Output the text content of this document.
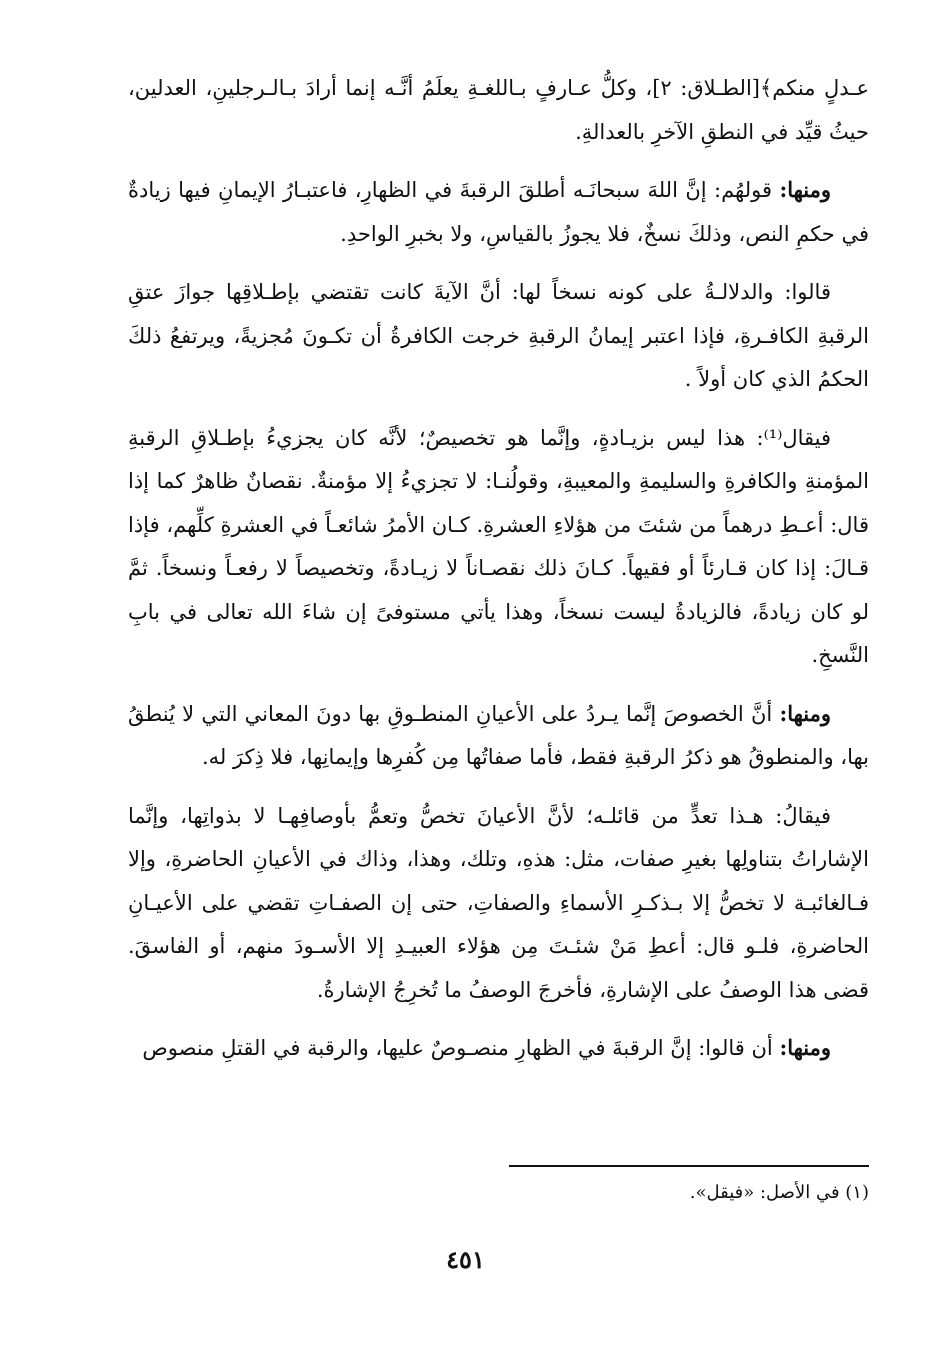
عـدلٍ منكم﴾[الطـلاق: ٢]، وكلُّ عـارفٍ بـاللغـةِ يعلَمُ أنَّـه إنما أرادَ بـالـرجلينِ، العدلين، حيثُ قيِّد في النطقِ الآخرِ بالعدالةِ.

ومنها: قولهُم: إنَّ اللهَ سبحانَـه أطلقَ الرقبةَ في الظهارِ، فاعتبـارُ الإيمانِ فيها زيادةٌ في حكمِ النص، وذلكَ نسخٌ، فلا يجوزُ بالقياسِ، ولا بخبرِ الواحدِ.

قالوا: والدلالـةُ على كونه نسخاً لها: أنَّ الآيةَ كانت تقتضي بإطـلاقِها جوازَ عتقِ الرقبةِ الكافـرةِ، فإذا اعتبر إيمانُ الرقبةِ خرجت الكافرةُ أن تكـونَ مُجزيةً، ويرتفعُ ذلكَ الحكمُ الذي كان أولاً .

فيقال⁽¹⁾: هذا ليس بزيـادةٍ، وإنَّما هو تخصيصٌ؛ لأنَّه كان يجزيءُ بإطـلاقِ الرقبةِ المؤمنةِ والكافرةِ والسليمةِ والمعيبةِ، وقولُنـا: لا تجزيءُ إلا مؤمنةٌ. نقصانٌ ظاهرٌ كما إذا قال: أعـطِ درهماً من شئتَ من هؤلاءِ العشرةِ. كـان الأمرُ شائعـاً في العشرةِ كلِّهم، فإذا قـالَ: إذا كان قـارئاً أو فقيهاً. كـانَ ذلك نقصـاناً لا زيـادةً، وتخصيصاً لا رفعـاً ونسخاً. ثمَّ لو كان زيادةً، فالزيادةُ ليست نسخاً، وهذا يأتي مستوفىً إن شاءَ الله تعالى في بابِ النَّسخِ.

ومنها: أنَّ الخصوصَ إنَّما يـردُ على الأعيانِ المنطـوقِ بها دونَ المعاني التي لا يُنطقُ بها، والمنطوقُ هو ذكرُ الرقبةِ فقط، فأما صفاتُها مِن كُفرِها وإيمانِها، فلا ذِكرَ له.

فيقالُ: هـذا تعدٍّ من قائلـه؛ لأنَّ الأعيانَ تخصُّ وتعمُّ بأوصافِهـا لا بذواتِها، وإنَّما الإشاراتُ بتناولِها بغيرِ صفات، مثل: هذهِ، وتلك، وهذا، وذاك في الأعيانِ الحاضرةِ، وإلا فـالغائبـة لا تخصُّ إلا بـذكـرِ الأسماءِ والصفاتِ، حتى إن الصفـاتِ تقضي على الأعيـانِ الحاضرةِ، فلـو قال: أعطِ مَنْ شئـتَ مِن هؤلاء العبيـدِ إلا الأسـودَ منهم، أو الفاسقَ. قضى هذا الوصفُ على الإشارةِ، فأخرجَ الوصفُ ما تُخرِجُ الإشارةُ.

ومنها: أن قالوا: إنَّ الرقبةَ في الظهارِ منصـوصٌ عليها، والرقبة في القتلِ منصوص

(١) في الأصل: «فيقل».
٤٥١
